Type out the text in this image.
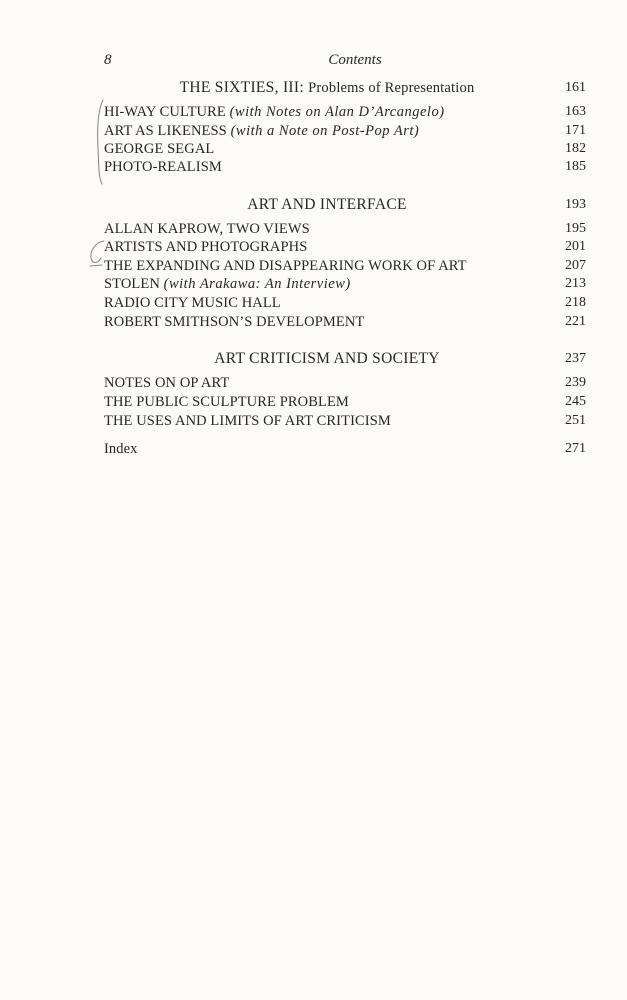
8	Contents
THE SIXTIES, III: Problems of Representation	161
HI-WAY CULTURE (with Notes on Alan D’Arcangelo)	163
ART AS LIKENESS (with a Note on Post-Pop Art)	171
GEORGE SEGAL	182
PHOTO-REALISM	185
ART AND INTERFACE	193
ALLAN KAPROW, TWO VIEWS	195
ARTISTS AND PHOTOGRAPHS	201
THE EXPANDING AND DISAPPEARING WORK OF ART	207
STOLEN (with Arakawa: An Interview)	213
RADIO CITY MUSIC HALL	218
ROBERT SMITHSON’S DEVELOPMENT	221
ART CRITICISM AND SOCIETY	237
NOTES ON OP ART	239
THE PUBLIC SCULPTURE PROBLEM	245
THE USES AND LIMITS OF ART CRITICISM	251
Index	271
